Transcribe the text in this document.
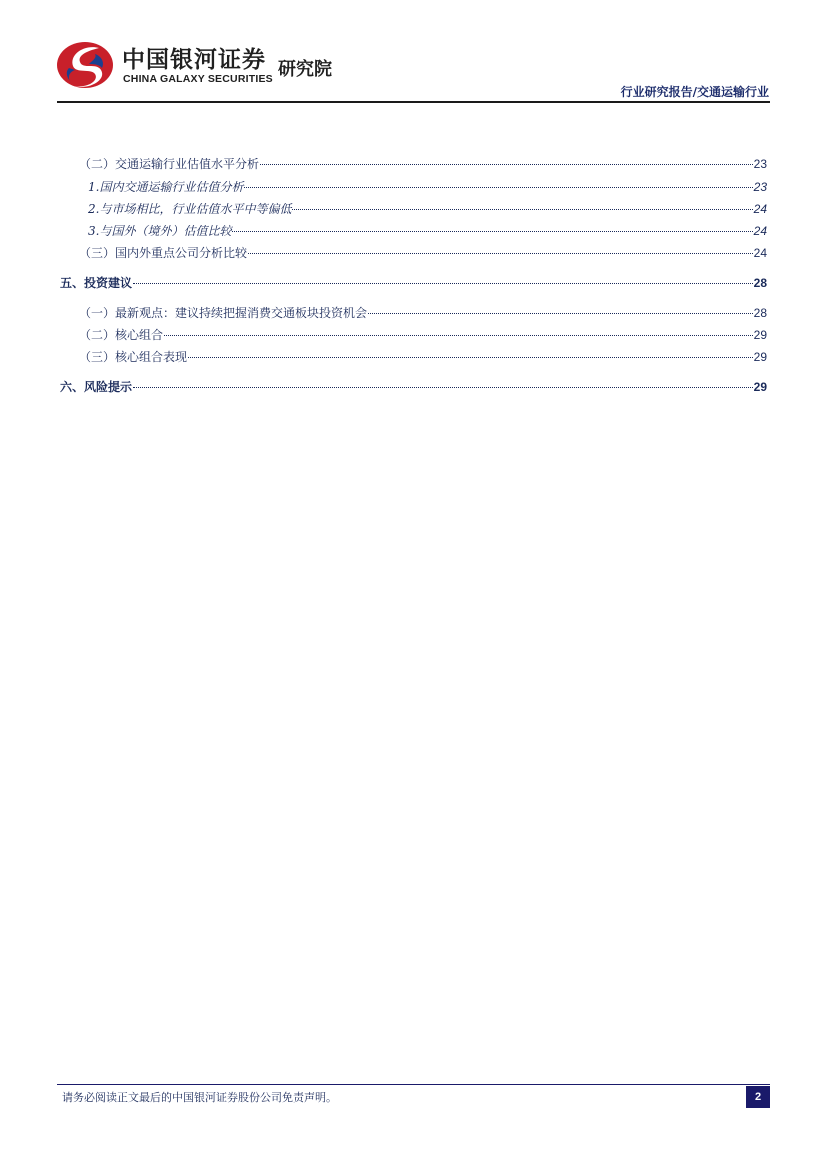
中国银河证券
CHINA GALAXY SECURITIES 研究院
行业研究报告/交通运输行业
（二）交通运输行业估值水平分析	23
1.国内交通运输行业估值分析	23
2.与市场相比，行业估值水平中等偏低	24
3.与国外（境外）估值比较	24
（三）国内外重点公司分析比较	24
五、投资建议	28
（一）最新观点：建议持续把握消费交通板块投资机会	28
（二）核心组合	29
（三）核心组合表现	29
六、风险提示	29
请务必阅读正文最后的中国银河证券股份公司免责声明。	2
